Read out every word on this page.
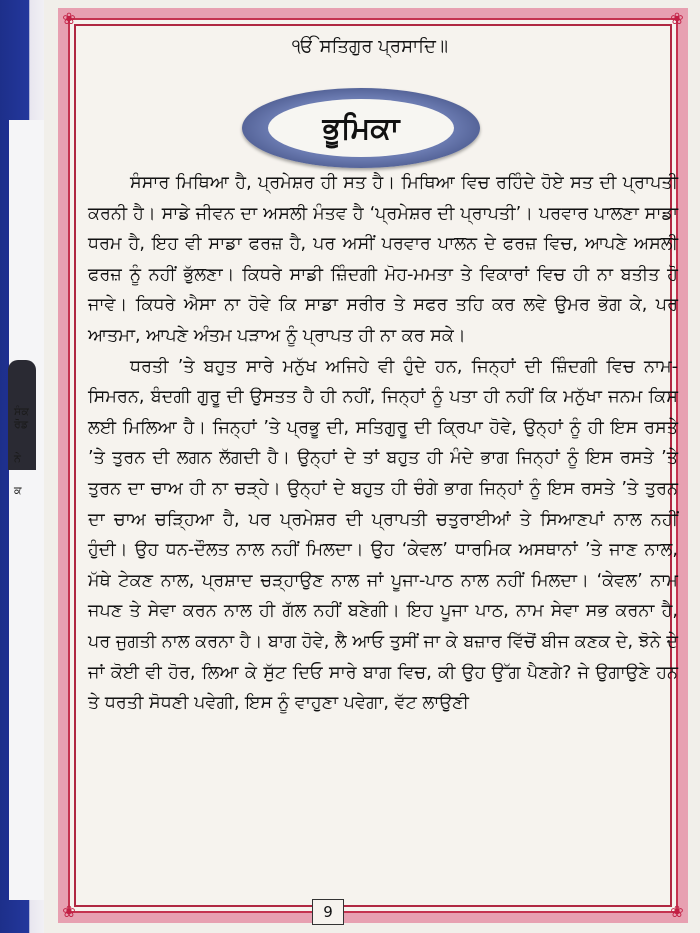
ਸੰਕ
ਰੋਡ
ਨੇ
ਕ
❀	❀
❀	❀
ੴ ਸਤਿਗੁਰ ਪ੍ਰਸਾਦਿ॥
ਭੂਮਿਕਾ

ਸੰਸਾਰ ਮਿਥਿਆ ਹੈ, ਪ੍ਰਮੇਸ਼ਰ ਹੀ ਸਤ ਹੈ। ਮਿਥਿਆ ਵਿਚ ਰਹਿੰਦੇ ਹੋਏ ਸਤ ਦੀ ਪ੍ਰਾਪਤੀ ਕਰਨੀ ਹੈ। ਸਾਡੇ ਜੀਵਨ ਦਾ ਅਸਲੀ ਮੰਤਵ ਹੈ ‘ਪ੍ਰਮੇਸ਼ਰ ਦੀ ਪ੍ਰਾਪਤੀ’। ਪਰਵਾਰ ਪਾਲਣਾ ਸਾਡਾ ਧਰਮ ਹੈ, ਇਹ ਵੀ ਸਾਡਾ ਫਰਜ਼ ਹੈ, ਪਰ ਅਸੀਂ ਪਰਵਾਰ ਪਾਲਨ ਦੇ ਫਰਜ਼ ਵਿਚ, ਆਪਣੇ ਅਸਲੀ ਫਰਜ਼ ਨੂੰ ਨਹੀਂ ਭੁੱਲਣਾ। ਕਿਧਰੇ ਸਾਡੀ ਜ਼ਿੰਦਗੀ ਮੋਹ-ਮਮਤਾ ਤੇ ਵਿਕਾਰਾਂ ਵਿਚ ਹੀ ਨਾ ਬਤੀਤ ਹੋ ਜਾਵੇ। ਕਿਧਰੇ ਐਸਾ ਨਾ ਹੋਵੇ ਕਿ ਸਾਡਾ ਸਰੀਰ ਤੇ ਸਫਰ ਤਹਿ ਕਰ ਲਵੇ ਉਮਰ ਭੋਗ ਕੇ, ਪਰ ਆਤਮਾ, ਆਪਣੇ ਅੰਤਮ ਪੜਾਅ ਨੂੰ ਪ੍ਰਾਪਤ ਹੀ ਨਾ ਕਰ ਸਕੇ।

ਧਰਤੀ ’ਤੇ ਬਹੁਤ ਸਾਰੇ ਮਨੁੱਖ ਅਜਿਹੇ ਵੀ ਹੁੰਦੇ ਹਨ, ਜਿਨ੍ਹਾਂ ਦੀ ਜ਼ਿੰਦਗੀ ਵਿਚ ਨਾਮ-ਸਿਮਰਨ, ਬੰਦਗੀ ਗੁਰੂ ਦੀ ਉਸਤਤ ਹੈ ਹੀ ਨਹੀਂ, ਜਿਨ੍ਹਾਂ ਨੂੰ ਪਤਾ ਹੀ ਨਹੀਂ ਕਿ ਮਨੁੱਖਾ ਜਨਮ ਕਿਸ ਲਈ ਮਿਲਿਆ ਹੈ। ਜਿਨ੍ਹਾਂ ’ਤੇ ਪ੍ਰਭੂ ਦੀ, ਸਤਿਗੁਰੂ ਦੀ ਕ੍ਰਿਪਾ ਹੋਵੇ, ਉਨ੍ਹਾਂ ਨੂੰ ਹੀ ਇਸ ਰਸਤੇ ’ਤੇ ਤੁਰਨ ਦੀ ਲਗਨ ਲੱਗਦੀ ਹੈ। ਉਨ੍ਹਾਂ ਦੇ ਤਾਂ ਬਹੁਤ ਹੀ ਮੰਦੇ ਭਾਗ ਜਿਨ੍ਹਾਂ ਨੂੰ ਇਸ ਰਸਤੇ ’ਤੇ ਤੁਰਨ ਦਾ ਚਾਅ ਹੀ ਨਾ ਚੜ੍ਹੇ। ਉਨ੍ਹਾਂ ਦੇ ਬਹੁਤ ਹੀ ਚੰਗੇ ਭਾਗ ਜਿਨ੍ਹਾਂ ਨੂੰ ਇਸ ਰਸਤੇ ’ਤੇ ਤੁਰਨ ਦਾ ਚਾਅ ਚੜ੍ਹਿਆ ਹੈ, ਪਰ ਪ੍ਰਮੇਸ਼ਰ ਦੀ ਪ੍ਰਾਪਤੀ ਚਤੁਰਾਈਆਂ ਤੇ ਸਿਆਣਪਾਂ ਨਾਲ ਨਹੀਂ ਹੁੰਦੀ। ਉਹ ਧਨ-ਦੌਲਤ ਨਾਲ ਨਹੀਂ ਮਿਲਦਾ। ਉਹ ‘ਕੇਵਲ’ ਧਾਰਮਿਕ ਅਸਥਾਨਾਂ ’ਤੇ ਜਾਣ ਨਾਲ, ਮੱਥੇ ਟੇਕਣ ਨਾਲ, ਪ੍ਰਸ਼ਾਦ ਚੜ੍ਹਾਉਣ ਨਾਲ ਜਾਂ ਪੂਜਾ-ਪਾਠ ਨਾਲ ਨਹੀਂ ਮਿਲਦਾ। ‘ਕੇਵਲ’ ਨਾਮ ਜਪਣ ਤੇ ਸੇਵਾ ਕਰਨ ਨਾਲ ਹੀ ਗੱਲ ਨਹੀਂ ਬਣੇਗੀ। ਇਹ ਪੂਜਾ ਪਾਠ, ਨਾਮ ਸੇਵਾ ਸਭ ਕਰਨਾ ਹੈ, ਪਰ ਜੁਗਤੀ ਨਾਲ ਕਰਨਾ ਹੈ। ਬਾਗ ਹੋਵੇ, ਲੈ ਆਓ ਤੁਸੀਂ ਜਾ ਕੇ ਬਜ਼ਾਰ ਵਿੱਚੋਂ ਬੀਜ ਕਣਕ ਦੇ, ਝੋਨੇ ਦੇ ਜਾਂ ਕੋਈ ਵੀ ਹੋਰ, ਲਿਆ ਕੇ ਸੁੱਟ ਦਿਓ ਸਾਰੇ ਬਾਗ ਵਿਚ, ਕੀ ਉਹ ਉੱਗ ਪੈਣਗੇ? ਜੇ ਉਗਾਉਣੇ ਹਨ ਤੇ ਧਰਤੀ ਸੋਧਣੀ ਪਵੇਗੀ, ਇਸ ਨੂੰ ਵਾਹੁਣਾ ਪਵੇਗਾ, ਵੱਟ ਲਾਉਣੀ

9
